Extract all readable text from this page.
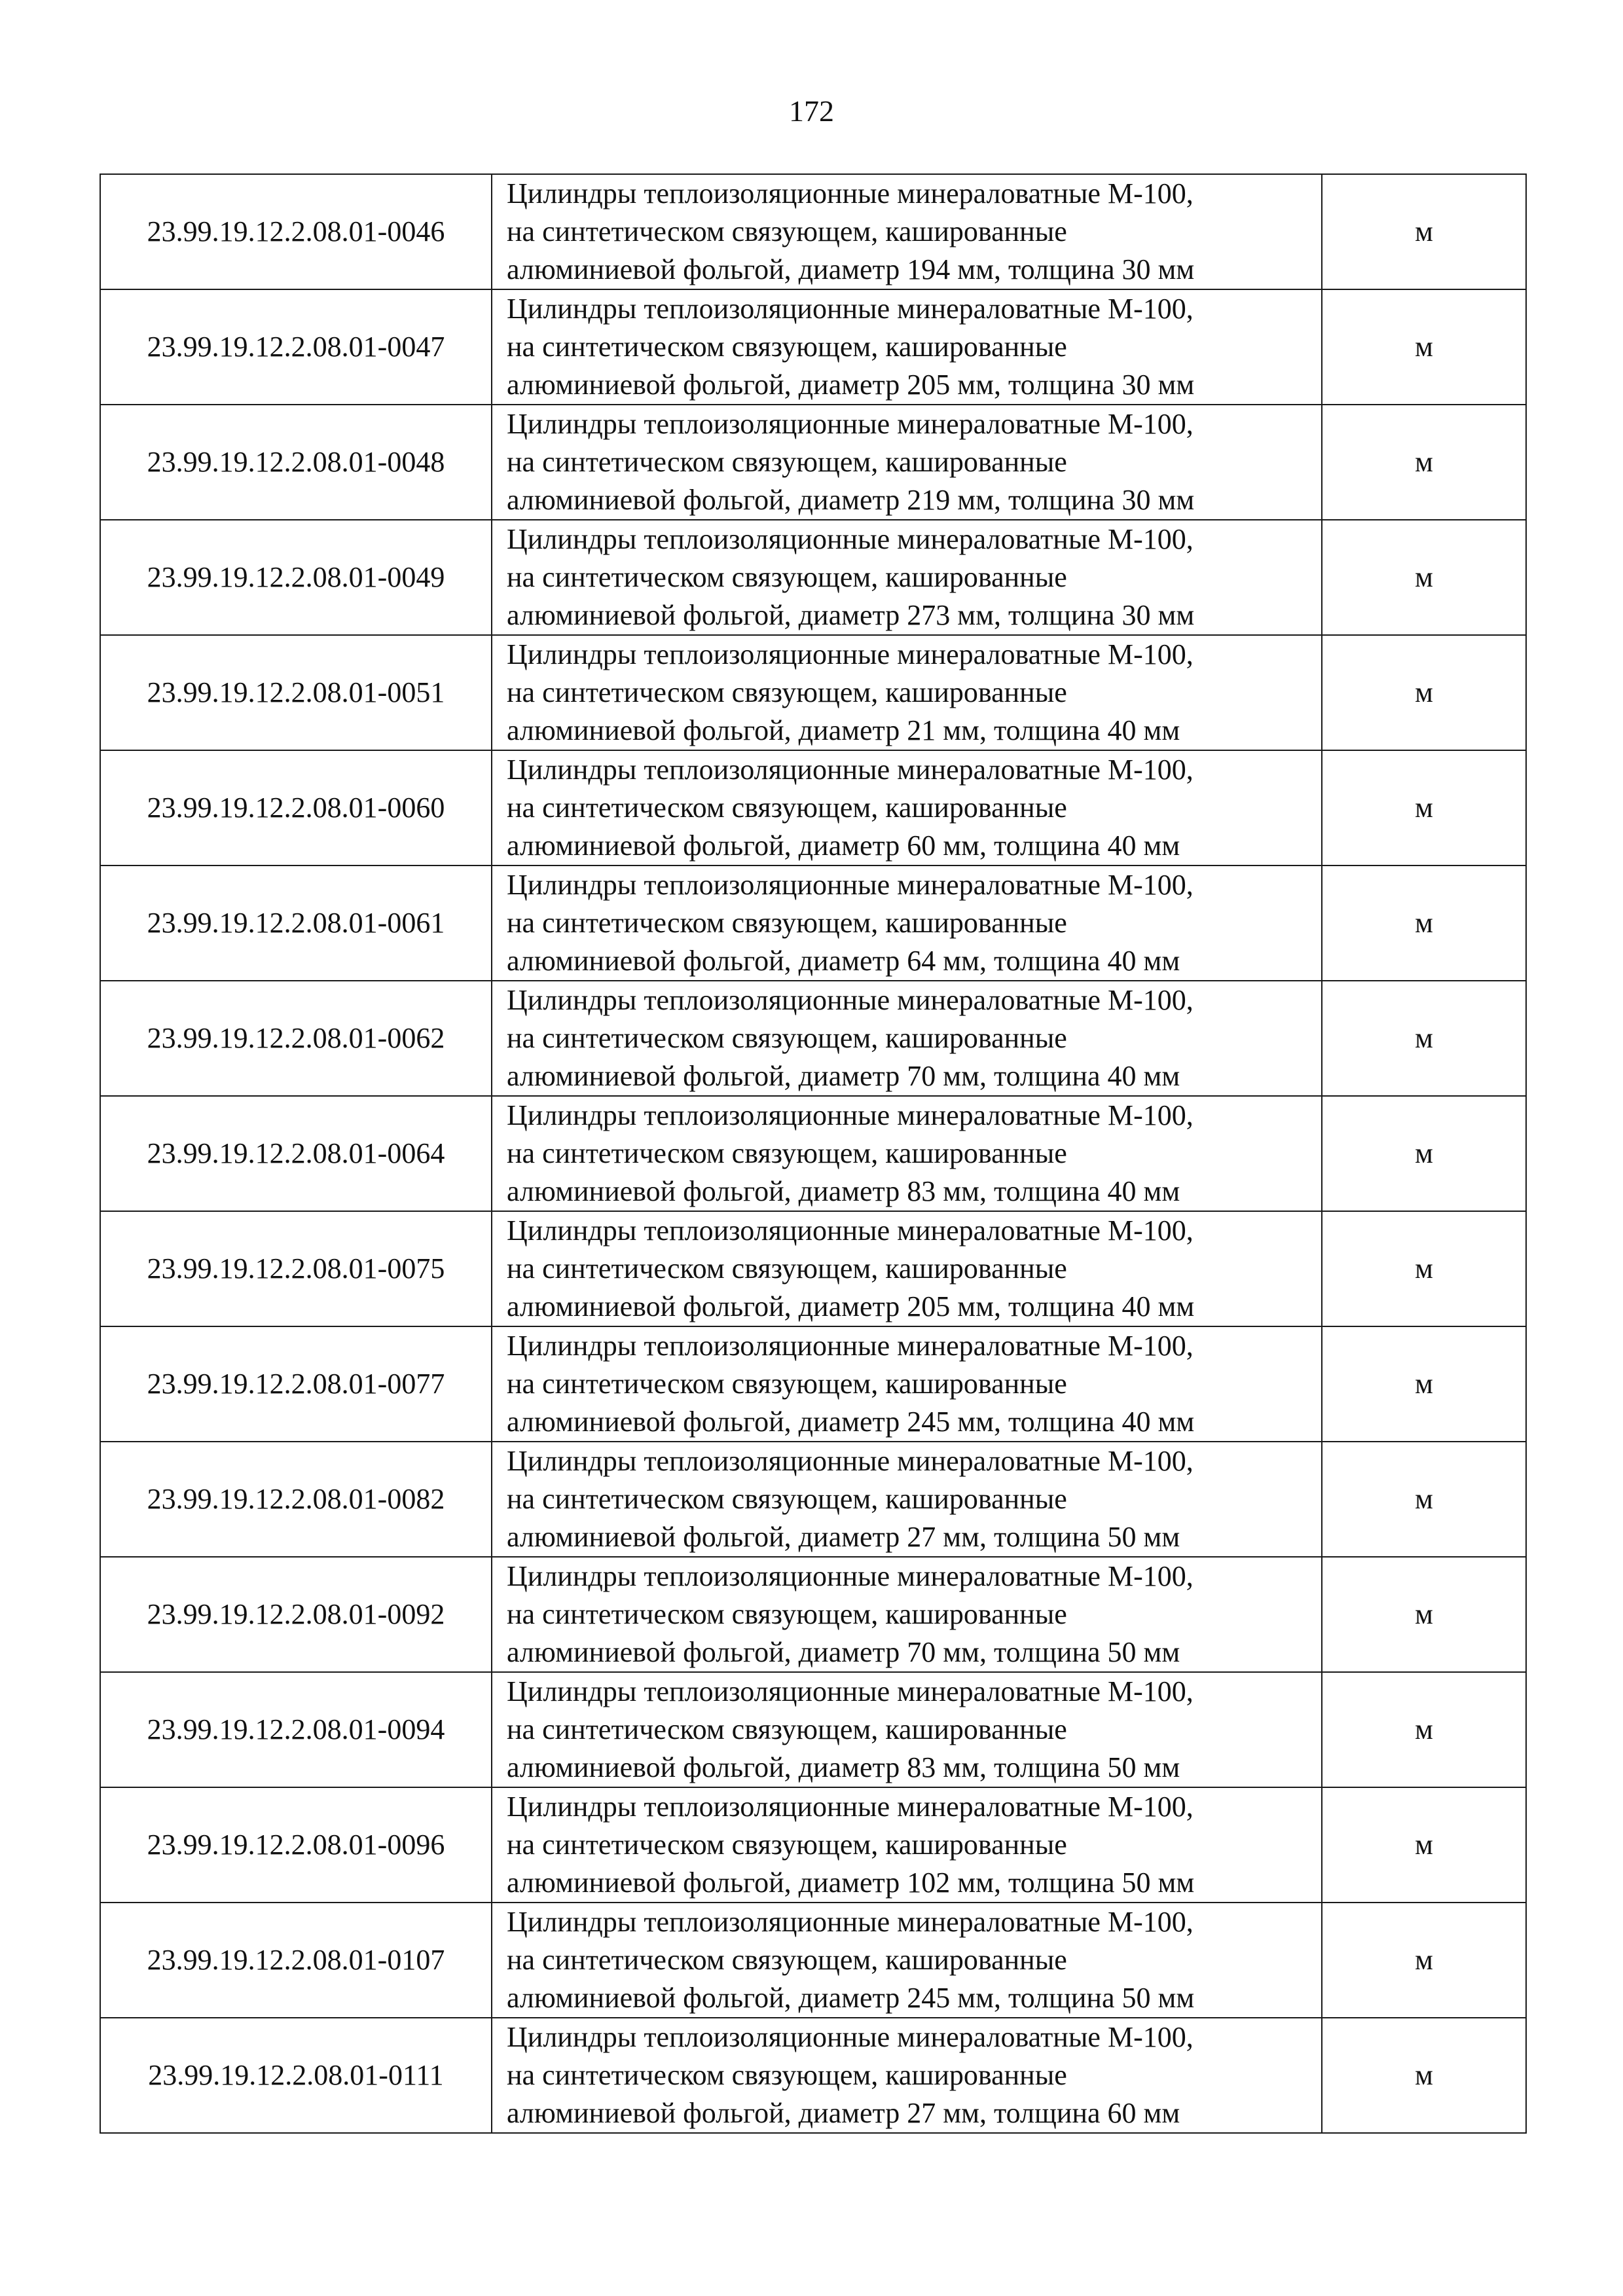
172
23.99.19.12.2.08.01-0046	Цилиндры теплоизоляционные минераловатные М-100,
на синтетическом связующем, кашированные
алюминиевой фольгой, диаметр 194 мм, толщина 30 мм	м
23.99.19.12.2.08.01-0047	Цилиндры теплоизоляционные минераловатные М-100,
на синтетическом связующем, кашированные
алюминиевой фольгой, диаметр 205 мм, толщина 30 мм	м
23.99.19.12.2.08.01-0048	Цилиндры теплоизоляционные минераловатные М-100,
на синтетическом связующем, кашированные
алюминиевой фольгой, диаметр 219 мм, толщина 30 мм	м
23.99.19.12.2.08.01-0049	Цилиндры теплоизоляционные минераловатные М-100,
на синтетическом связующем, кашированные
алюминиевой фольгой, диаметр 273 мм, толщина 30 мм	м
23.99.19.12.2.08.01-0051	Цилиндры теплоизоляционные минераловатные М-100,
на синтетическом связующем, кашированные
алюминиевой фольгой, диаметр 21 мм, толщина 40 мм	м
23.99.19.12.2.08.01-0060	Цилиндры теплоизоляционные минераловатные М-100,
на синтетическом связующем, кашированные
алюминиевой фольгой, диаметр 60 мм, толщина 40 мм	м
23.99.19.12.2.08.01-0061	Цилиндры теплоизоляционные минераловатные М-100,
на синтетическом связующем, кашированные
алюминиевой фольгой, диаметр 64 мм, толщина 40 мм	м
23.99.19.12.2.08.01-0062	Цилиндры теплоизоляционные минераловатные М-100,
на синтетическом связующем, кашированные
алюминиевой фольгой, диаметр 70 мм, толщина 40 мм	м
23.99.19.12.2.08.01-0064	Цилиндры теплоизоляционные минераловатные М-100,
на синтетическом связующем, кашированные
алюминиевой фольгой, диаметр 83 мм, толщина 40 мм	м
23.99.19.12.2.08.01-0075	Цилиндры теплоизоляционные минераловатные М-100,
на синтетическом связующем, кашированные
алюминиевой фольгой, диаметр 205 мм, толщина 40 мм	м
23.99.19.12.2.08.01-0077	Цилиндры теплоизоляционные минераловатные М-100,
на синтетическом связующем, кашированные
алюминиевой фольгой, диаметр 245 мм, толщина 40 мм	м
23.99.19.12.2.08.01-0082	Цилиндры теплоизоляционные минераловатные М-100,
на синтетическом связующем, кашированные
алюминиевой фольгой, диаметр 27 мм, толщина 50 мм	м
23.99.19.12.2.08.01-0092	Цилиндры теплоизоляционные минераловатные М-100,
на синтетическом связующем, кашированные
алюминиевой фольгой, диаметр 70 мм, толщина 50 мм	м
23.99.19.12.2.08.01-0094	Цилиндры теплоизоляционные минераловатные М-100,
на синтетическом связующем, кашированные
алюминиевой фольгой, диаметр 83 мм, толщина 50 мм	м
23.99.19.12.2.08.01-0096	Цилиндры теплоизоляционные минераловатные М-100,
на синтетическом связующем, кашированные
алюминиевой фольгой, диаметр 102 мм, толщина 50 мм	м
23.99.19.12.2.08.01-0107	Цилиндры теплоизоляционные минераловатные М-100,
на синтетическом связующем, кашированные
алюминиевой фольгой, диаметр 245 мм, толщина 50 мм	м
23.99.19.12.2.08.01-0111	Цилиндры теплоизоляционные минераловатные М-100,
на синтетическом связующем, кашированные
алюминиевой фольгой, диаметр 27 мм, толщина 60 мм	м
